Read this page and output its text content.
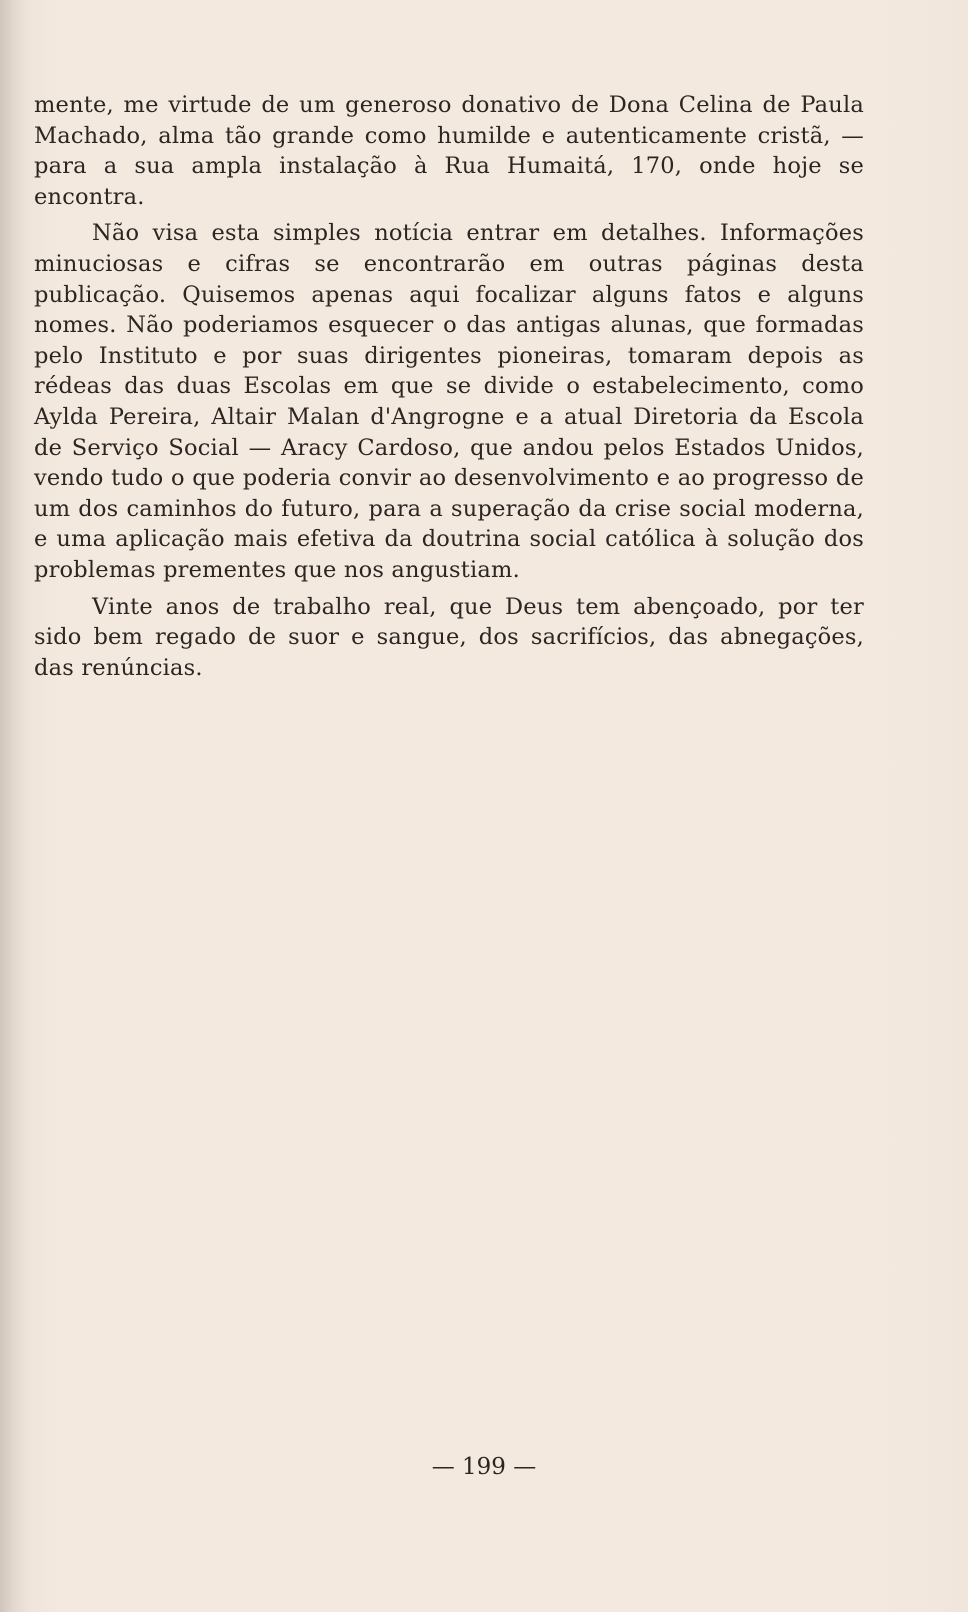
mente, me virtude de um generoso donativo de Dona Celina de Paula Machado, alma tão grande como humilde e autenticamente cristã, — para a sua ampla instalação à Rua Humaitá, 170, onde hoje se encontra.

Não visa esta simples notícia entrar em detalhes. Informações minuciosas e cifras se encontrarão em outras páginas desta publicação. Quisemos apenas aqui focalizar alguns fatos e alguns nomes. Não poderiamos esquecer o das antigas alunas, que formadas pelo Instituto e por suas dirigentes pioneiras, tomaram depois as rédeas das duas Escolas em que se divide o estabelecimento, como Aylda Pereira, Altair Malan d'Angrogne e a atual Diretoria da Escola de Serviço Social — Aracy Cardoso, que andou pelos Estados Unidos, vendo tudo o que poderia convir ao desenvolvimento e ao progresso de um dos caminhos do futuro, para a superação da crise social moderna, e uma aplicação mais efetiva da doutrina social católica à solução dos problemas prementes que nos angustiam.

Vinte anos de trabalho real, que Deus tem abençoado, por ter sido bem regado de suor e sangue, dos sacrifícios, das abnegações, das renúncias.

— 199 —
